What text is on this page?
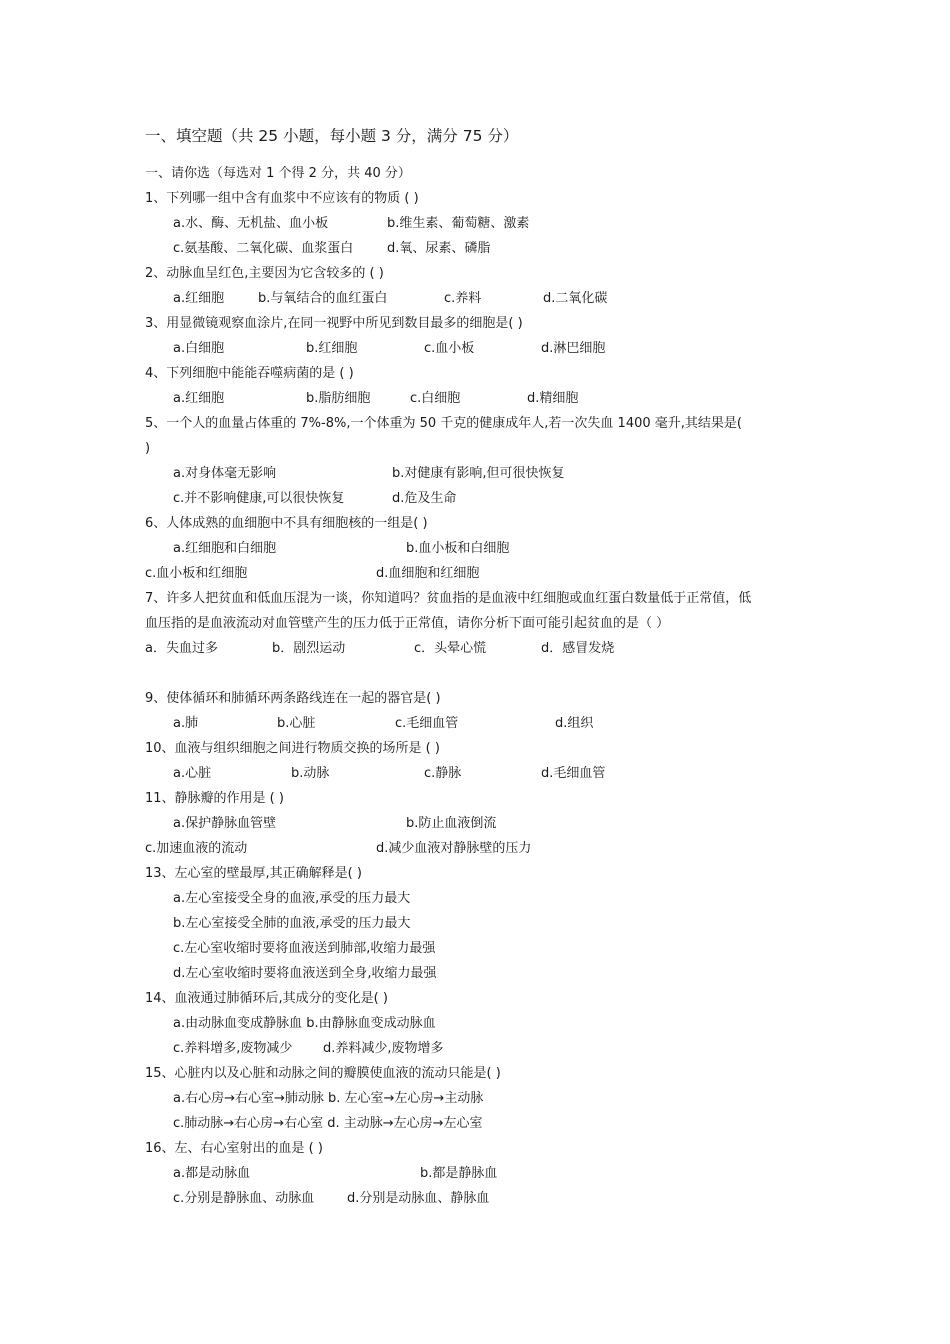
一、填空题（共 25 小题，每小题 3 分，满分 75 分）
一、请你选（每选对 1 个得 2 分，共 40 分）
1、下列哪一组中含有血浆中不应该有的物质 ( )
a.水、酶、无机盐、血小板	b.维生素、葡萄糖、激素
c.氨基酸、二氧化碳、血浆蛋白	d.氧、尿素、磷脂
2、动脉血呈红色,主要因为它含较多的 ( )
a.红细胞	b.与氧结合的血红蛋白	c.养料	d.二氧化碳
3、用显微镜观察血涂片,在同一视野中所见到数目最多的细胞是( )
a.白细胞	b.红细胞	c.血小板	d.淋巴细胞
4、下列细胞中能能吞噬病菌的是 ( )
a.红细胞	b.脂肪细胞	c.白细胞	d.精细胞
5、一个人的血量占体重的 7%-8%,一个体重为 50 千克的健康成年人,若一次失血 1400 毫升,其结果是(
)
a.对身体毫无影响	b.对健康有影响,但可很快恢复
c.并不影响健康,可以很快恢复	d.危及生命
6、人体成熟的血细胞中不具有细胞核的一组是( )
a.红细胞和白细胞	b.血小板和白细胞
c.血小板和红细胞	d.血细胞和红细胞
7、许多人把贫血和低血压混为一谈，你知道吗？贫血指的是血液中红细胞或血红蛋白数量低于正常值，低
血压指的是血液流动对血管壁产生的压力低于正常值，请你分析下面可能引起贫血的是（ ）
a．失血过多	b．剧烈运动	c．头晕心慌	d．感冒发烧
9、使体循环和肺循环两条路线连在一起的器官是( )
a.肺	b.心脏	c.毛细血管	d.组织
10、血液与组织细胞之间进行物质交换的场所是 ( )
a.心脏	b.动脉	c.静脉	d.毛细血管
11、静脉瓣的作用是 ( )
a.保护静脉血管壁	b.防止血液倒流
c.加速血液的流动	d.减少血液对静脉壁的压力
13、左心室的壁最厚,其正确解释是( )
a.左心室接受全身的血液,承受的压力最大
b.左心室接受全肺的血液,承受的压力最大
c.左心室收缩时要将血液送到肺部,收缩力最强
d.左心室收缩时要将血液送到全身,收缩力最强
14、血液通过肺循环后,其成分的变化是( )
a.由动脉血变成静脉血 b.由静脉血变成动脉血
c.养料增多,废物减少 d.养料减少,废物增多
15、心脏内以及心脏和动脉之间的瓣膜使血液的流动只能是( )
a.右心房→右心室→肺动脉 b. 左心室→左心房→主动脉
c.肺动脉→右心房→右心室 d. 主动脉→左心房→左心室
16、左、右心室射出的血是 ( )
a.都是动脉血	b.都是静脉血
c.分别是静脉血、动脉血	d.分别是动脉血、静脉血
